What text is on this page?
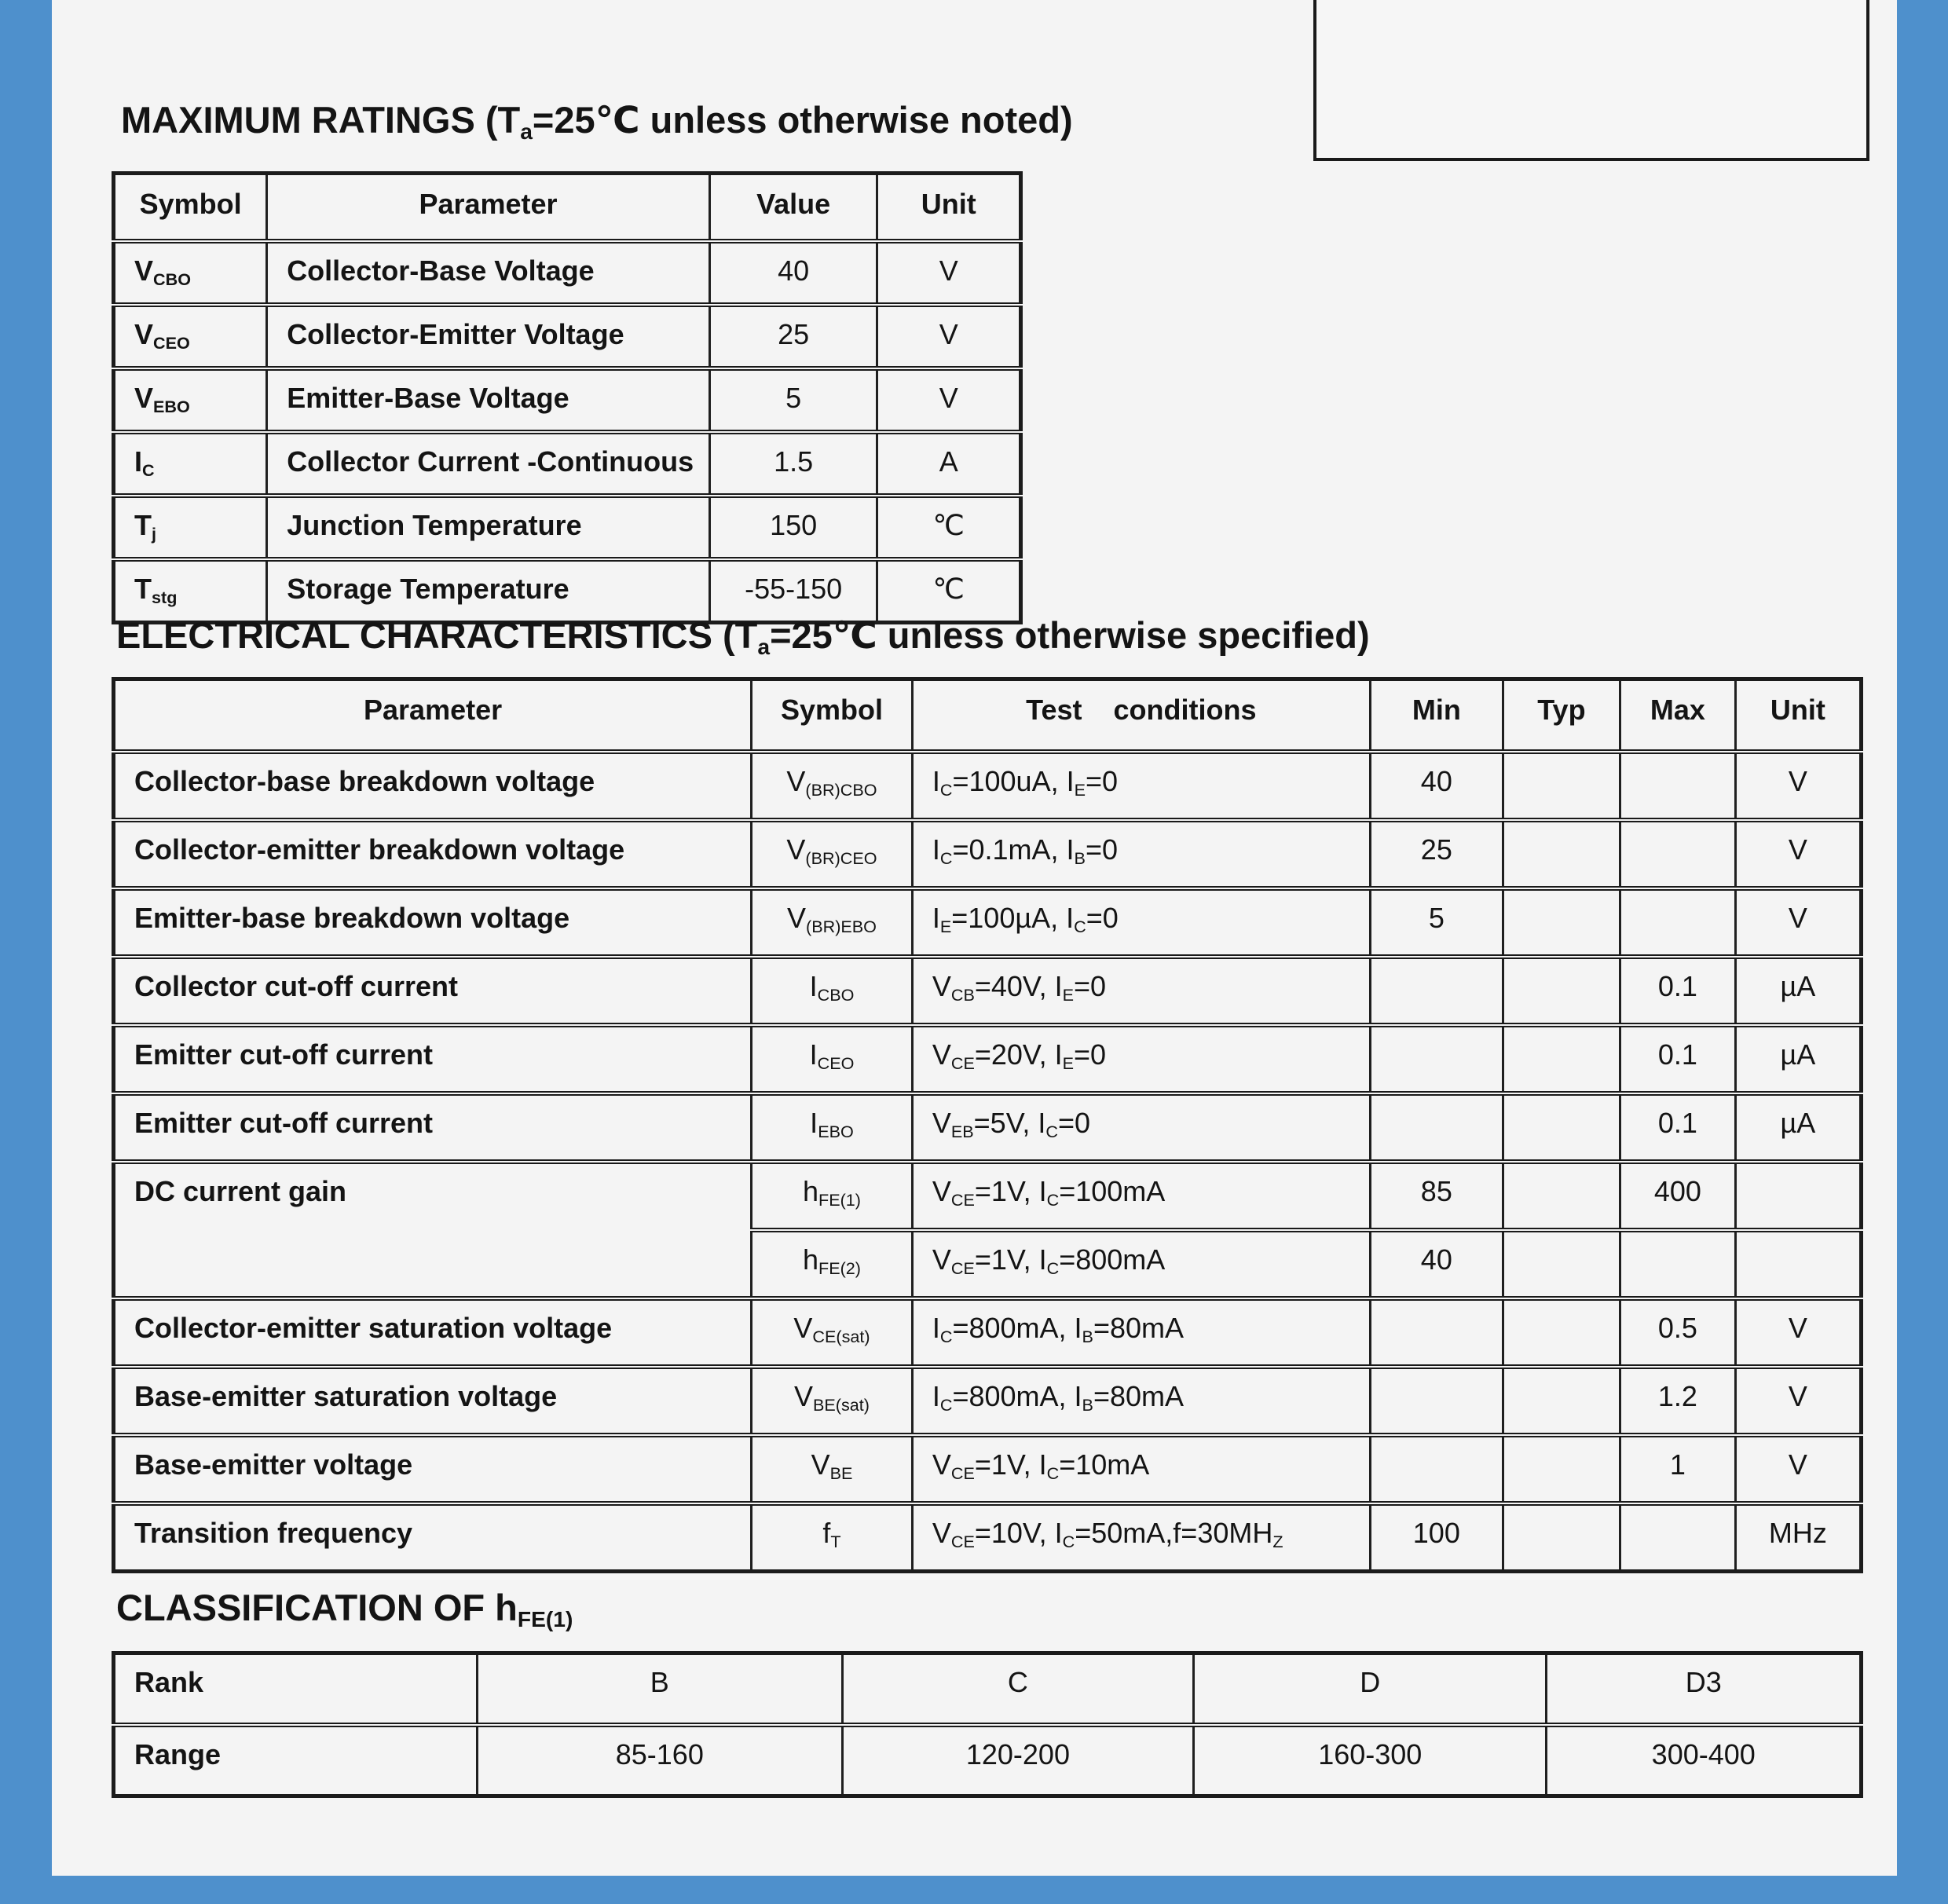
MAXIMUM RATINGS ($T_a=25℃$ unless otherwise noted)
Symbol	Parameter	Value	Unit
$V_{CBO}$	Collector-Base Voltage	40	V
$V_{CEO}$	Collector-Emitter Voltage	25	V
$V_{EBO}$	Emitter-Base Voltage	5	V
$I_C$	Collector Current -Continuous	1.5	A
$T_j$	Junction Temperature	150	℃
$T_{stg}$	Storage Temperature	-55-150	℃
ELECTRICAL CHARACTERISTICS ($T_a=25℃$ unless otherwise specified)
Parameter	Symbol	Test    conditions	Min	Typ	Max	Unit
Collector-base breakdown voltage	$V_{(BR)CBO}$	$I_C=100uA$, $I_E=0$	40			V
Collector-emitter breakdown voltage	$V_{(BR)CEO}$	$I_C=0.1mA$, $I_B=0$	25			V
Emitter-base breakdown voltage	$V_{(BR)EBO}$	$I_E=100\mu A$, $I_C=0$	5			V
Collector cut-off current	$I_{CBO}$	$V_{CB}=40V$, $I_E=0$			0.1	µA
Emitter cut-off current	$I_{CEO}$	$V_{CE}=20V$, $I_E=0$			0.1	µA
Emitter cut-off current	$I_{EBO}$	$V_{EB}=5V$, $I_C=0$			0.1	µA
DC current gain	$h_{FE(1)}$	$V_{CE}=1V$, $I_C=100mA$	85		400	
	$h_{FE(2)}$	$V_{CE}=1V$, $I_C=800mA$	40			
Collector-emitter saturation voltage	$V_{CE(sat)}$	$I_C=800mA$, $I_B=80mA$			0.5	V
Base-emitter saturation voltage	$V_{BE(sat)}$	$I_C=800mA$, $I_B=80mA$			1.2	V
Base-emitter voltage	$V_{BE}$	$V_{CE}=1V$, $I_C=10mA$			1	V
Transition frequency	$f_T$	$V_{CE}=10V$, $I_C=50mA,f=30MH_Z$	100			MHz
CLASSIFICATION OF $h_{FE(1)}$
Rank	B	C	D	D3
Range	85-160	120-200	160-300	300-400
